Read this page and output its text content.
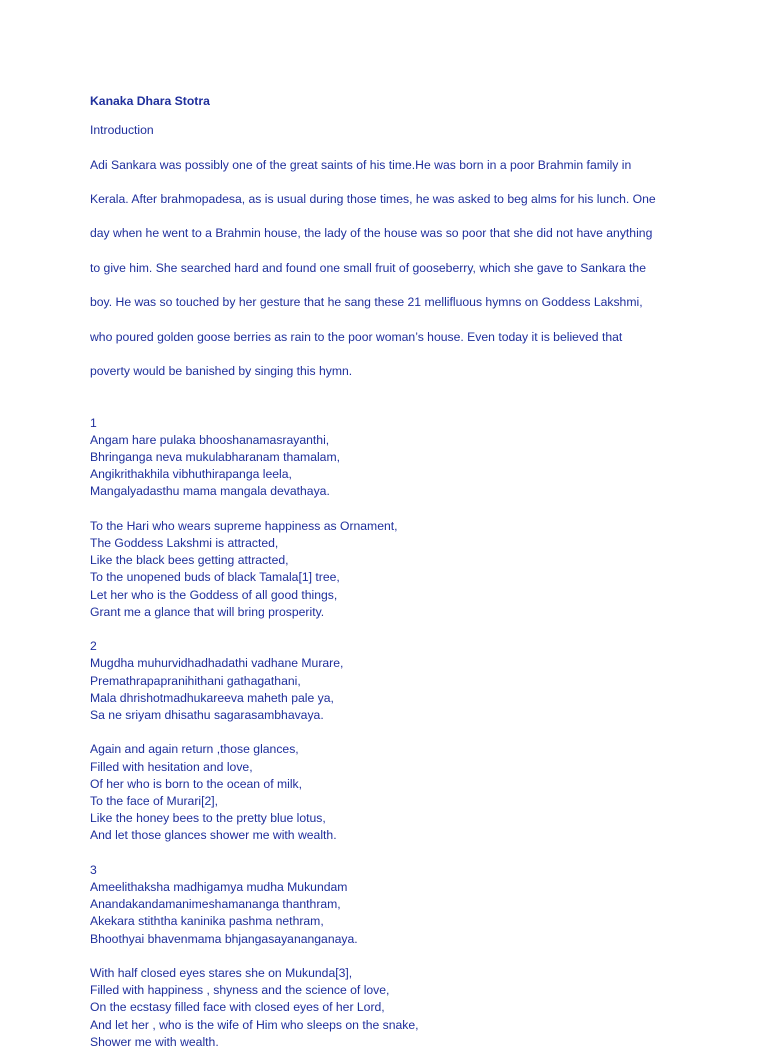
Kanaka Dhara Stotra
Introduction

Adi Sankara was possibly one of the great saints of his time.He was born in a poor Brahmin family in

Kerala. After brahmopadesa, as is usual during those times, he was asked to beg alms for his lunch. One

day when he went to a Brahmin house, the lady of the house was so poor that she did not have anything

to give him. She searched hard and found one small fruit of gooseberry, which she gave to Sankara the

boy. He was so touched by her gesture that he sang these 21 mellifluous hymns on Goddess Lakshmi,

who poured golden goose berries as rain to the poor woman’s house. Even today it is believed that

poverty would be banished by singing this hymn.

1
Angam hare pulaka bhooshanamasrayanthi,
Bhringanga neva mukulabharanam thamalam,
Angikrithakhila vibhuthirapanga leela,
Mangalyadasthu mama mangala devathaya.
To the Hari who wears supreme happiness as Ornament,
The Goddess Lakshmi is attracted,
Like the black bees getting attracted,
To the unopened buds of black Tamala[1] tree,
Let her who is the Goddess of all good things,
Grant me a glance that will bring prosperity.
2
Mugdha muhurvidhadhadathi vadhane Murare,
Premathrapapranihithani gathagathani,
Mala dhrishotmadhukareeva maheth pale ya,
Sa ne sriyam dhisathu sagarasambhavaya.
Again and again return ,those glances,
Filled with hesitation and love,
Of her who is born to the ocean of milk,
To the face of Murari[2],
Like the honey bees to the pretty blue lotus,
And let those glances shower me with wealth.
3
Ameelithaksha madhigamya mudha Mukundam
Anandakandamanimeshamananga thanthram,
Akekara stiththa kaninika pashma nethram,
Bhoothyai bhavenmama bhjangasayananganaya.
With half closed eyes stares she on Mukunda[3],
Filled with happiness , shyness and the science of love,
On the ecstasy filled face with closed eyes of her Lord,
And let her , who is the wife of Him who sleeps on the snake,
Shower me with wealth.
